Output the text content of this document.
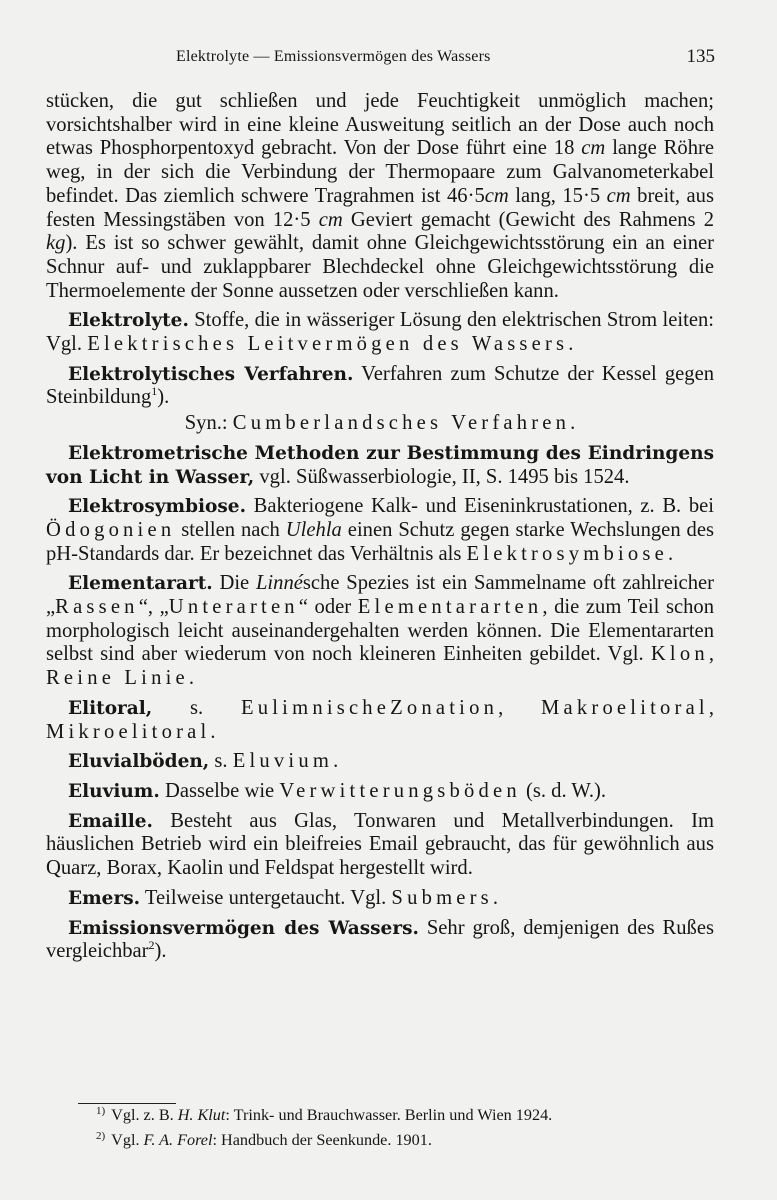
Elektrolyte — Emissionsvermögen des Wassers	135

stücken, die gut schließen und jede Feuchtigkeit unmöglich machen; vorsichtshalber wird in eine kleine Ausweitung seitlich an der Dose auch noch etwas Phosphorpentoxyd gebracht. Von der Dose führt eine 18 cm lange Röhre weg, in der sich die Verbindung der Thermopaare zum Galvanometerkabel befindet. Das ziemlich schwere Tragrahmen ist 46·5cm lang, 15·5 cm breit, aus festen Messingstäben von 12·5 cm Geviert gemacht (Gewicht des Rahmens 2 kg). Es ist so schwer gewählt, damit ohne Gleichgewichtsstörung ein an einer Schnur auf- und zuklappbarer Blechdeckel ohne Gleichgewichtsstörung die Thermoelemente der Sonne aussetzen oder verschließen kann.

Elektrolyte. Stoffe, die in wässeriger Lösung den elektrischen Strom leiten: Vgl. Elektrisches Leitvermögen des Wassers.

Elektrolytisches Verfahren. Verfahren zum Schutze der Kessel gegen Steinbildung$^1$).

Syn.: Cumberlandsches Verfahren.

Elektrometrische Methoden zur Bestimmung des Eindringens von Licht in Wasser, vgl. Süßwasserbiologie, II, S. 1495 bis 1524.

Elektrosymbiose. Bakteriogene Kalk- und Eiseninkrustationen, z. B. bei Ödogonien stellen nach Ulehla einen Schutz gegen starke Wechslungen des pH-Standards dar. Er bezeichnet das Verhältnis als Elektrosymbiose.

Elementarart. Die Linnésche Spezies ist ein Sammelname oft zahlreicher „Rassen“, „Unterarten“ oder Elementararten, die zum Teil schon morphologisch leicht auseinandergehalten werden können. Die Elementararten selbst sind aber wiederum von noch kleineren Einheiten gebildet. Vgl. Klon, Reine Linie.

Elitoral, s. EulimnischeZonation, Makroelitoral, Mikroelitoral.

Eluvialböden, s. Eluvium.

Eluvium. Dasselbe wie Verwitterungsböden (s. d. W.).

Emaille. Besteht aus Glas, Tonwaren und Metallverbindungen. Im häuslichen Betrieb wird ein bleifreies Email gebraucht, das für gewöhnlich aus Quarz, Borax, Kaolin und Feldspat hergestellt wird.

Emers. Teilweise untergetaucht. Vgl. Submers.

Emissionsvermögen des Wassers. Sehr groß, demjenigen des Rußes vergleichbar$^2$).

$^{1)}$ Vgl. z. B. H. Klut: Trink- und Brauchwasser. Berlin und Wien 1924.
$^{2)}$ Vgl. F. A. Forel: Handbuch der Seenkunde. 1901.
